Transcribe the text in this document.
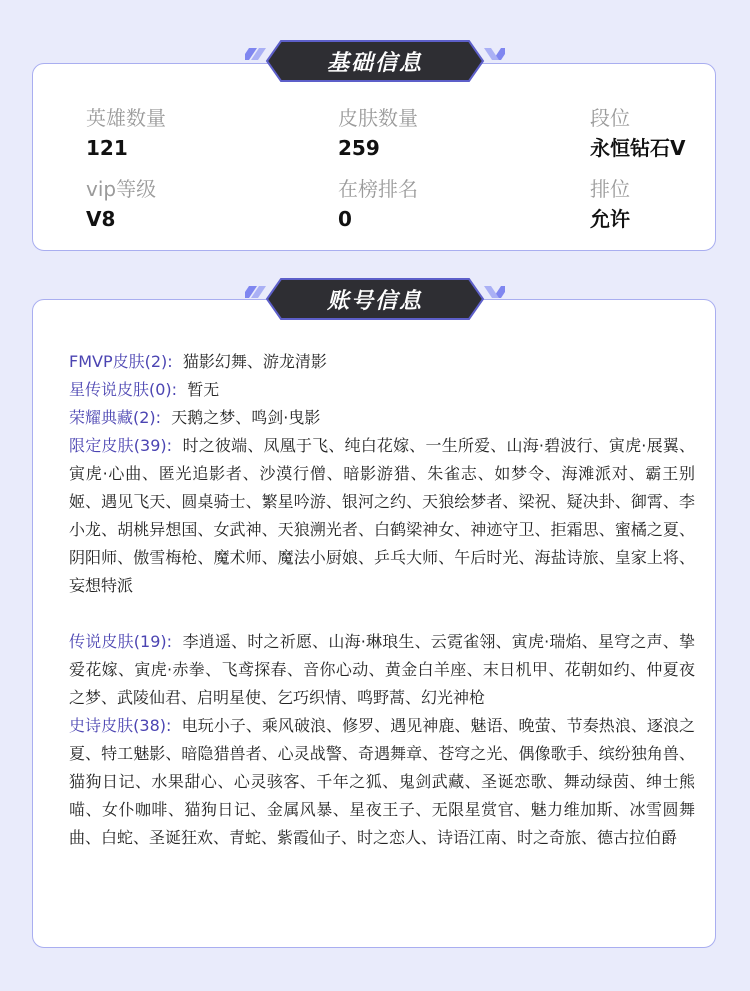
基础信息
英雄数量
121
皮肤数量
259
段位
永恒钻石V
vip等级
V8
在榜排名
0
排位
允许
账号信息
FMVP皮肤(2): 猫影幻舞、游龙清影
星传说皮肤(0): 暂无
荣耀典藏(2): 天鹅之梦、鸣剑·曳影
限定皮肤(39): 时之彼端、凤凰于飞、纯白花嫁、一生所爱、山海·碧波行、寅虎·展翼、寅虎·心曲、匿光追影者、沙漠行僧、暗影游猎、朱雀志、如梦令、海滩派对、霸王别姬、遇见飞天、圆桌骑士、繁星吟游、银河之约、天狼绘梦者、梁祝、疑决卦、御霄、李小龙、胡桃异想国、女武神、天狼溯光者、白鹤梁神女、神迹守卫、拒霜思、蜜橘之夏、阴阳师、傲雪梅枪、魔术师、魔法小厨娘、乒乓大师、午后时光、海盐诗旅、皇家上将、妄想特派
传说皮肤(19): 李逍遥、时之祈愿、山海·琳琅生、云霓雀翎、寅虎·瑞焰、星穹之声、挚爱花嫁、寅虎·赤拳、飞鸢探春、音你心动、黄金白羊座、末日机甲、花朝如约、仲夏夜之梦、武陵仙君、启明星使、乞巧织情、鸣野蒿、幻光神枪
史诗皮肤(38): 电玩小子、乘风破浪、修罗、遇见神鹿、魅语、晚萤、节奏热浪、逐浪之夏、特工魅影、暗隐猎兽者、心灵战警、奇遇舞章、苍穹之光、偶像歌手、缤纷独角兽、猫狗日记、水果甜心、心灵骇客、千年之狐、鬼剑武藏、圣诞恋歌、舞动绿茵、绅士熊喵、女仆咖啡、猫狗日记、金属风暴、星夜王子、无限星赏官、魅力维加斯、冰雪圆舞曲、白蛇、圣诞狂欢、青蛇、紫霞仙子、时之恋人、诗语江南、时之奇旅、德古拉伯爵
